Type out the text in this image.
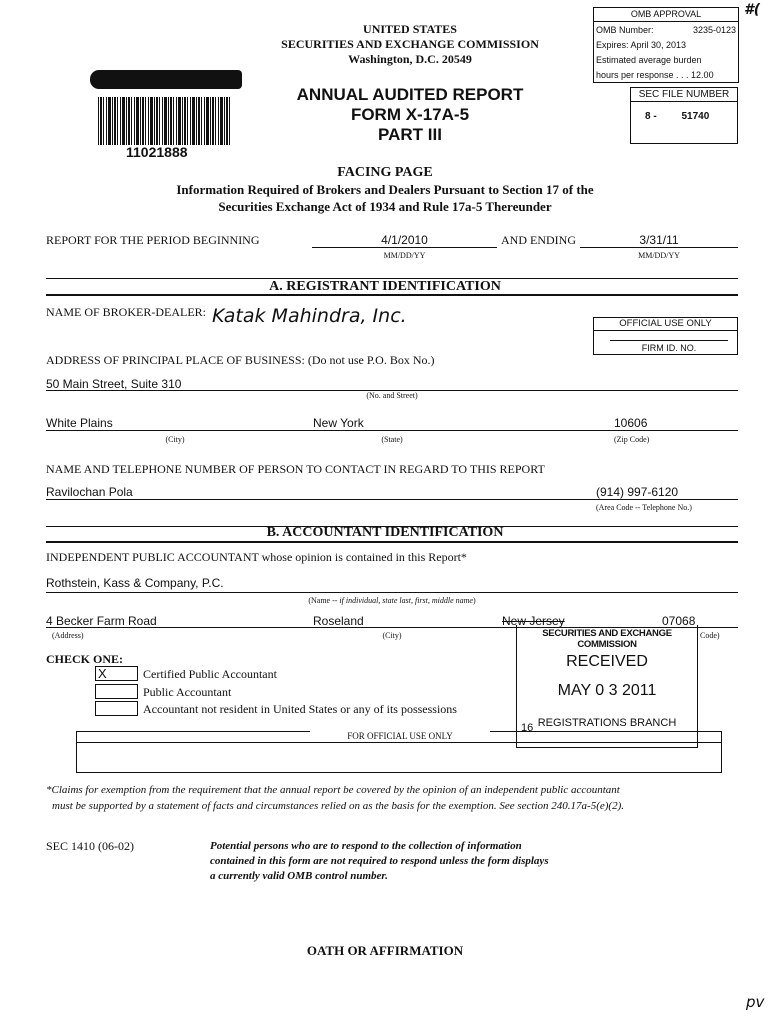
#(
UNITED STATES
SECURITIES AND EXCHANGE COMMISSION
Washington, D.C. 20549
OMB APPROVAL
OMB Number:	3235-0123
Expires: April 30, 2013
Estimated average burden
hours per response . . . 12.00
11021888
ANNUAL AUDITED REPORT
FORM X-17A-5
PART III
SEC FILE NUMBER
8 - 51740
FACING PAGE
Information Required of Brokers and Dealers Pursuant to Section 17 of the
Securities Exchange Act of 1934 and Rule 17a-5 Thereunder
REPORT FOR THE PERIOD BEGINNING	4/1/2010
MM/DD/YY
AND ENDING	3/31/11
MM/DD/YY
A. REGISTRANT IDENTIFICATION
NAME OF BROKER-DEALER: Katak Mahindra, Inc.	OFFICIAL USE ONLY
FIRM ID. NO.
ADDRESS OF PRINCIPAL PLACE OF BUSINESS: (Do not use P.O. Box No.)
50 Main Street, Suite 310
(No. and Street)
White Plains	New York	10606
(City)	(State)	(Zip Code)
NAME AND TELEPHONE NUMBER OF PERSON TO CONTACT IN REGARD TO THIS REPORT
Ravilochan Pola	(914) 997-6120
(Area Code -- Telephone No.)
B. ACCOUNTANT IDENTIFICATION
INDEPENDENT PUBLIC ACCOUNTANT whose opinion is contained in this Report*
Rothstein, Kass & Company, P.C.
(Name -- if individual, state last, first, middle name)
4 Becker Farm Road	Roseland	New Jersey	07068
(Address)	(City)	Code)
CHECK ONE:
X	Certified Public Accountant
Public Accountant
Accountant not resident in United States or any of its possessions
FOR OFFICIAL USE ONLY
SECURITIES AND EXCHANGE COMMISSION
RECEIVED
MAY 0 3 2011
REGISTRATIONS BRANCH
16
*Claims for exemption from the requirement that the annual report be covered by the opinion of an independent public accountant
must be supported by a statement of facts and circumstances relied on as the basis for the exemption. See section 240.17a-5(e)(2).
SEC 1410 (06-02)	Potential persons who are to respond to the collection of information
contained in this form are not required to respond unless the form displays
a currently valid OMB control number.
OATH OR AFFIRMATION
pv
